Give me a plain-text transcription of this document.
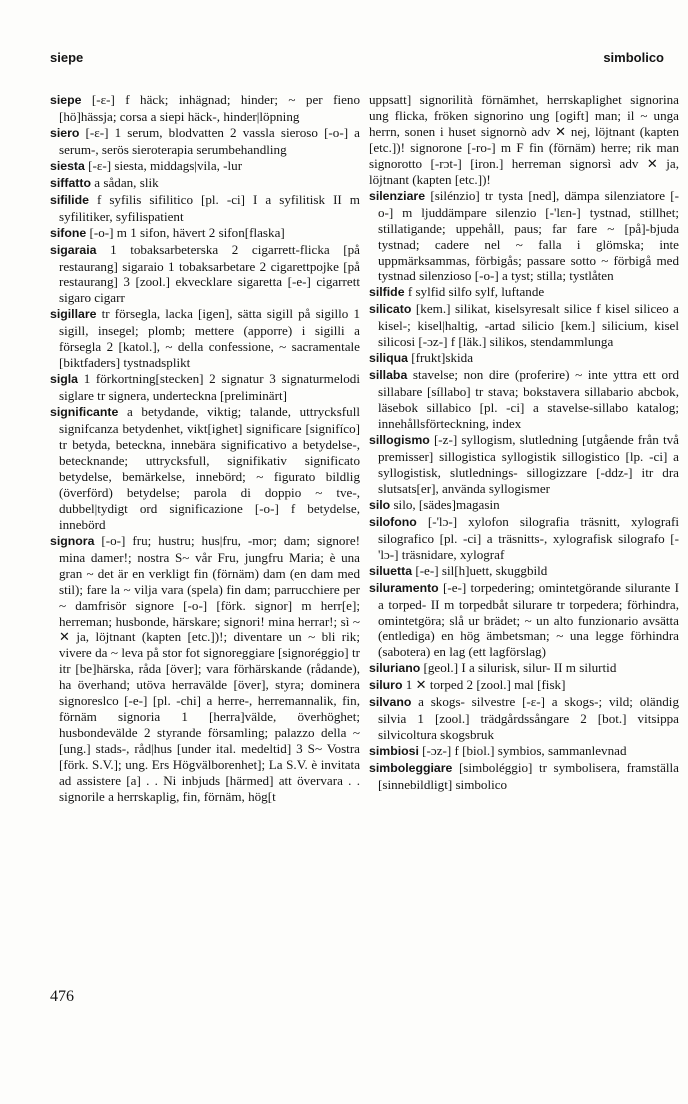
siepe	simbolico

siepe [-ɛ-] f häck; inhägnad; hinder; ~ per fieno [hö]hässja; corsa a siepi häck-, hinder|löpning

siero [-ɛ-] 1 serum, blodvatten 2 vassla sieroso [-o-] a serum-, serös sieroterapia serumbehandling

siesta [-ɛ-] siesta, middags|vila, -lur

siffatto a sådan, slik

sifilide f syfilis sifilitico [pl. -ci] I a syfilitisk II m syfilitiker, syfilispatient

sifone [-o-] m 1 sifon, hävert 2 sifon[flaska]

sigaraia 1 tobaksarbeterska 2 cigarrett-flicka [på restaurang] sigaraio 1 tobaksarbetare 2 cigarettpojke [på restaurang] 3 [zool.] ekvecklare sigaretta [-e-] cigarrett sigaro cigarr

sigillare tr försegla, lacka [igen], sätta sigill på sigillo 1 sigill, insegel; plomb; mettere (apporre) i sigilli a försegla 2 [katol.], ~ della confessione, ~ sacramentale [biktfaders] tystnadsplikt

sigla 1 förkortning[stecken] 2 signatur 3 signaturmelodi siglare tr signera, underteckna [preliminärt]

significante a betydande, viktig; talande, uttrycksfull signifcanza betydenhet, vikt[ighet] significare [signifíco] tr betyda, beteckna, innebära significativo a betydelse-, betecknande; uttrycksfull, signifikativ significato betydelse, bemärkelse, innebörd; ~ figurato bildlig (överförd) betydelse; parola di doppio ~ tve-, dubbel|tydigt ord significazione [-o-] f betydelse, innebörd

signora [-o-] fru; hustru; hus|fru, -mor; dam; signore! mina damer!; nostra S~ vår Fru, jungfru Maria; è una gran ~ det är en verkligt fin (förnäm) dam (en dam med stil); fare la ~ vilja vara (spela) fin dam; parrucchiere per ~ damfrisör signore [-o-] [förk. signor] m herr[e]; herreman; husbonde, härskare; signori! mina herrar!; sì ~ ✕ ja, löjtnant (kapten [etc.])!; diventare un ~ bli rik; vivere da ~ leva på stor fot signoreggiare [signoréggio] tr itr [be]härska, råda [över]; vara förhärskande (rådande), ha överhand; utöva herravälde [över], styra; dominera signoreslco [-e-] [pl. -chi] a herre-, herremannalik, fin, förnäm signoria 1 [herra]välde, överhöghet; husbondevälde 2 styrande församling; palazzo della ~ [ung.] stads-, råd|hus [under ital. medeltid] 3 S~ Vostra [förk. S.V.]; ung. Ers Högvälborenhet]; La S.V. è invitata ad assistere [a] . . Ni inbjuds [härmed] att övervara . . signorile a herrskaplig, fin, förnäm, hög[t

uppsatt] signorilità förnämhet, herrskaplighet signorina ung flicka, fröken signorino ung [ogift] man; il ~ unga herrn, sonen i huset signornò adv ✕ nej, löjtnant (kapten [etc.])! signorone [-ro-] m F fin (förnäm) herre; rik man signorotto [-rɔt-] [iron.] herreman signorsì adv ✕ ja, löjtnant (kapten [etc.])!

silenziare [silénzio] tr tysta [ned], dämpa silenziatore [-o-] m ljuddämpare silenzio [-'lɛn-] tystnad, stillhet; stillatigande; uppehåll, paus; far fare ~ [på]-bjuda tystnad; cadere nel ~ falla i glömska; inte uppmärksammas, förbigås; passare sotto ~ förbigå med tystnad silenzioso [-o-] a tyst; stilla; tystlåten

silfide f sylfid silfo sylf, luftande

silicato [kem.] silikat, kiselsyresalt silice f kisel siliceo a kisel-; kisel|haltig, -artad silicio [kem.] silicium, kisel silicosi [-ɔz-] f [läk.] silikos, stendammlunga

siliqua [frukt]skida

sillaba stavelse; non dire (proferire) ~ inte yttra ett ord sillabare [síllabo] tr stava; bokstavera sillabario abcbok, läsebok sillabico [pl. -ci] a stavelse-sillabo katalog; innehållsförteckning, index

sillogismo [-z-] syllogism, slutledning [utgående från två premisser] sillogistica syllogistik sillogistico [lp. -ci] a syllogistisk, slutlednings- sillogizzare [-ddz-] itr dra slutsats[er], använda syllogismer

silo silo, [sädes]magasin

silofono [-'lɔ-] xylofon silografia träsnitt, xylografi silografico [pl. -ci] a träsnitts-, xylografisk silografo [-'lɔ-] träsnidare, xylograf

siluetta [-e-] sil[h]uett, skuggbild

siluramento [-e-] torpedering; omintetgörande silurante I a torped- II m torpedbåt silurare tr torpedera; förhindra, omintetgöra; slå ur brädet; ~ un alto funzionario avsätta (entlediga) en hög ämbetsman; ~ una legge förhindra (sabotera) en lag (ett lagförslag)

siluriano [geol.] I a silurisk, silur- II m silurtid

siluro 1 ✕ torped 2 [zool.] mal [fisk]

silvano a skogs- silvestre [-ɛ-] a skogs-; vild; oländig silvia 1 [zool.] trädgårdssångare 2 [bot.] vitsippa silvicoltura skogsbruk

simbiosi [-ɔz-] f [biol.] symbios, sammanlevnad

simboleggiare [simboléggio] tr symbolisera, framställa [sinnebildligt] simbolico

476
